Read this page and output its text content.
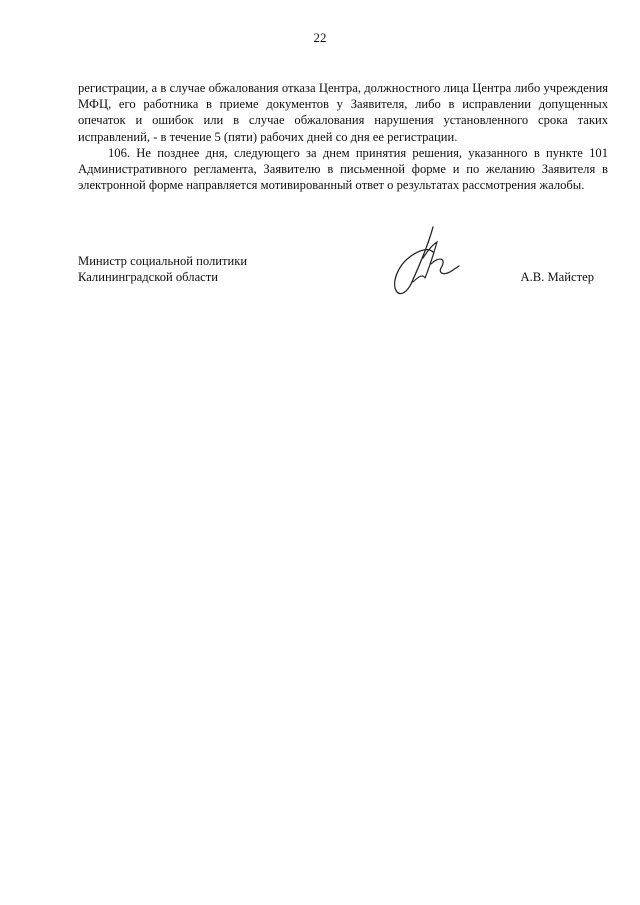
22

регистрации, а в случае обжалования отказа Центра, должностного лица Центра либо учреждения МФЦ, его работника в приеме документов у Заявителя, либо в исправлении допущенных опечаток и ошибок или в случае обжалования нарушения установленного срока таких исправлений, - в течение 5 (пяти) рабочих дней со дня ее регистрации.

106. Не позднее дня, следующего за днем принятия решения, указанного в пункте 101 Административного регламента, Заявителю в письменной форме и по желанию Заявителя в электронной форме направляется мотивированный ответ о результатах рассмотрения жалобы.

Министр социальной политики
Калининградской области	А.В. Майстер
